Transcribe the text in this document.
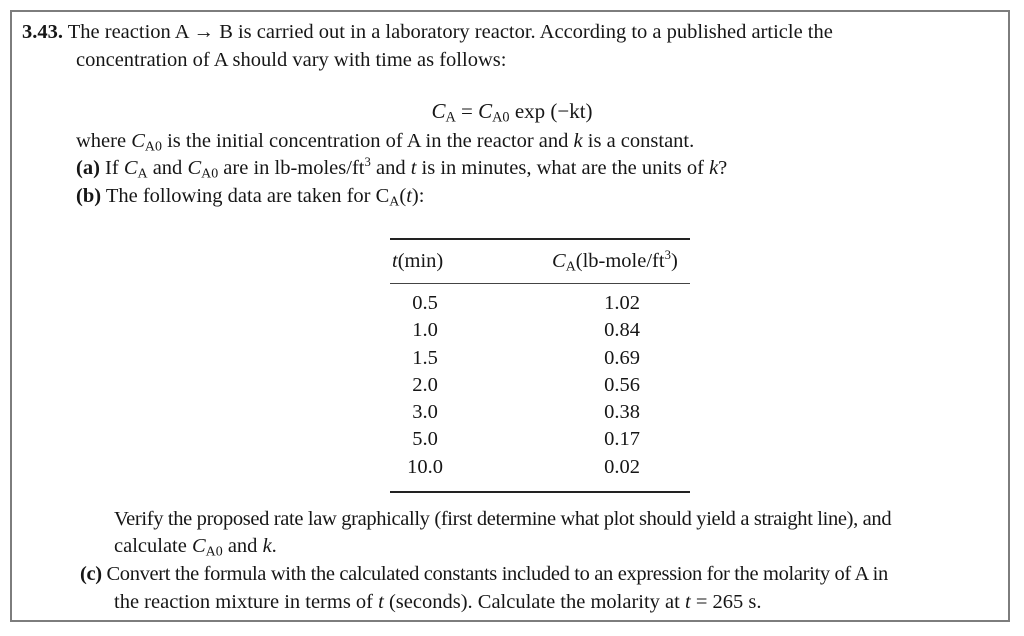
3.43. The reaction A → B is carried out in a laboratory reactor. According to a published article the
concentration of A should vary with time as follows:
$C_A = C_{A0}$ exp (−kt)
where $C_{A0}$ is the initial concentration of A in the reactor and k is a constant.
(a) If $C_A$ and $C_{A0}$ are in $lb-moles/ft^3$ and t is in minutes, what are the units of k?
(b) The following data are taken for $C_A(t)$:
t(min)	$C_A(lb-mole/ft^3)$
0.5	1.02
1.0	0.84
1.5	0.69
2.0	0.56
3.0	0.38
5.0	0.17
10.0	0.02
Verify the proposed rate law graphically (first determine what plot should yield a straight line), and
calculate $C_{A0}$ and k.
(c) Convert the formula with the calculated constants included to an expression for the molarity of A in
the reaction mixture in terms of t (seconds). Calculate the molarity at t = 265 s.
